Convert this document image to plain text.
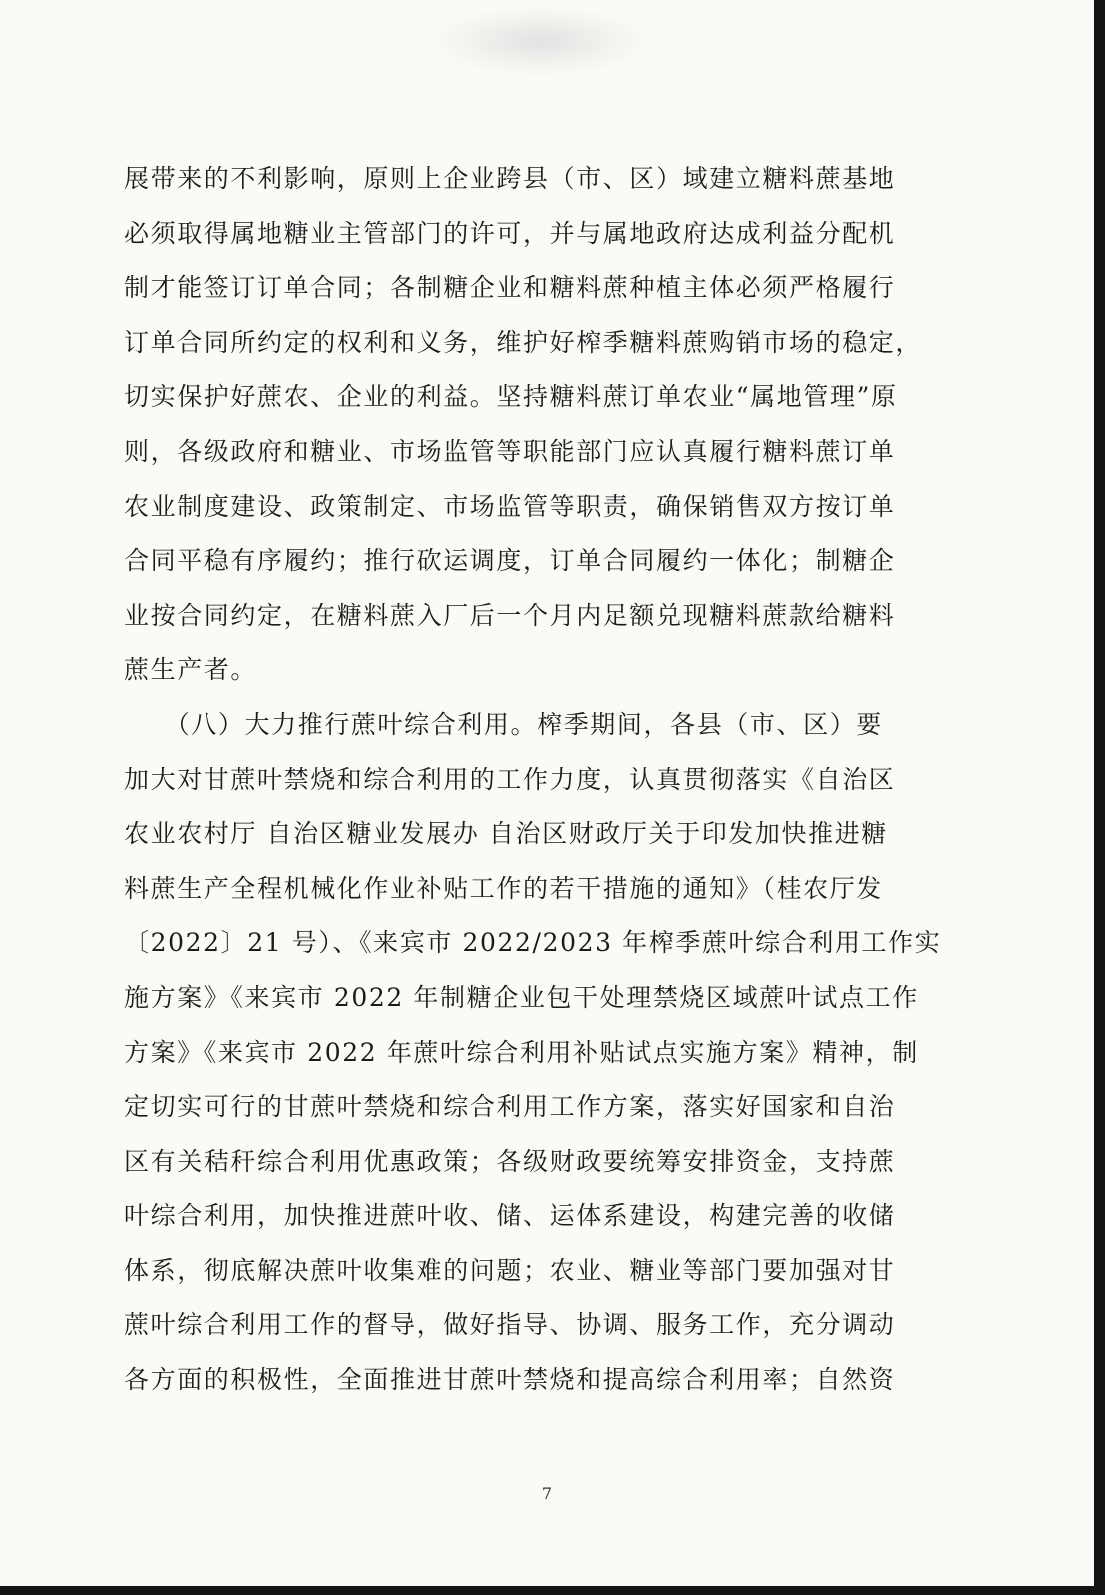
展带来的不利影响，原则上企业跨县（市、区）域建立糖料蔗基地
必须取得属地糖业主管部门的许可，并与属地政府达成利益分配机
制才能签订订单合同；各制糖企业和糖料蔗种植主体必须严格履行
订单合同所约定的权利和义务，维护好榨季糖料蔗购销市场的稳定，
切实保护好蔗农、企业的利益。坚持糖料蔗订单农业“属地管理”原
则，各级政府和糖业、市场监管等职能部门应认真履行糖料蔗订单
农业制度建设、政策制定、市场监管等职责，确保销售双方按订单
合同平稳有序履约；推行砍运调度，订单合同履约一体化；制糖企
业按合同约定，在糖料蔗入厂后一个月内足额兑现糖料蔗款给糖料
蔗生产者。
　　（八）大力推行蔗叶综合利用。榨季期间，各县（市、区）要
加大对甘蔗叶禁烧和综合利用的工作力度，认真贯彻落实《自治区
农业农村厅 自治区糖业发展办 自治区财政厅关于印发加快推进糖
料蔗生产全程机械化作业补贴工作的若干措施的通知》（桂农厅发
〔2022〕21 号）、《来宾市 2022/2023 年榨季蔗叶综合利用工作实
施方案》《来宾市 2022 年制糖企业包干处理禁烧区域蔗叶试点工作
方案》《来宾市 2022 年蔗叶综合利用补贴试点实施方案》精神，制
定切实可行的甘蔗叶禁烧和综合利用工作方案，落实好国家和自治
区有关秸秆综合利用优惠政策；各级财政要统筹安排资金，支持蔗
叶综合利用，加快推进蔗叶收、储、运体系建设，构建完善的收储
体系，彻底解决蔗叶收集难的问题；农业、糖业等部门要加强对甘
蔗叶综合利用工作的督导，做好指导、协调、服务工作，充分调动
各方面的积极性，全面推进甘蔗叶禁烧和提高综合利用率；自然资
7
